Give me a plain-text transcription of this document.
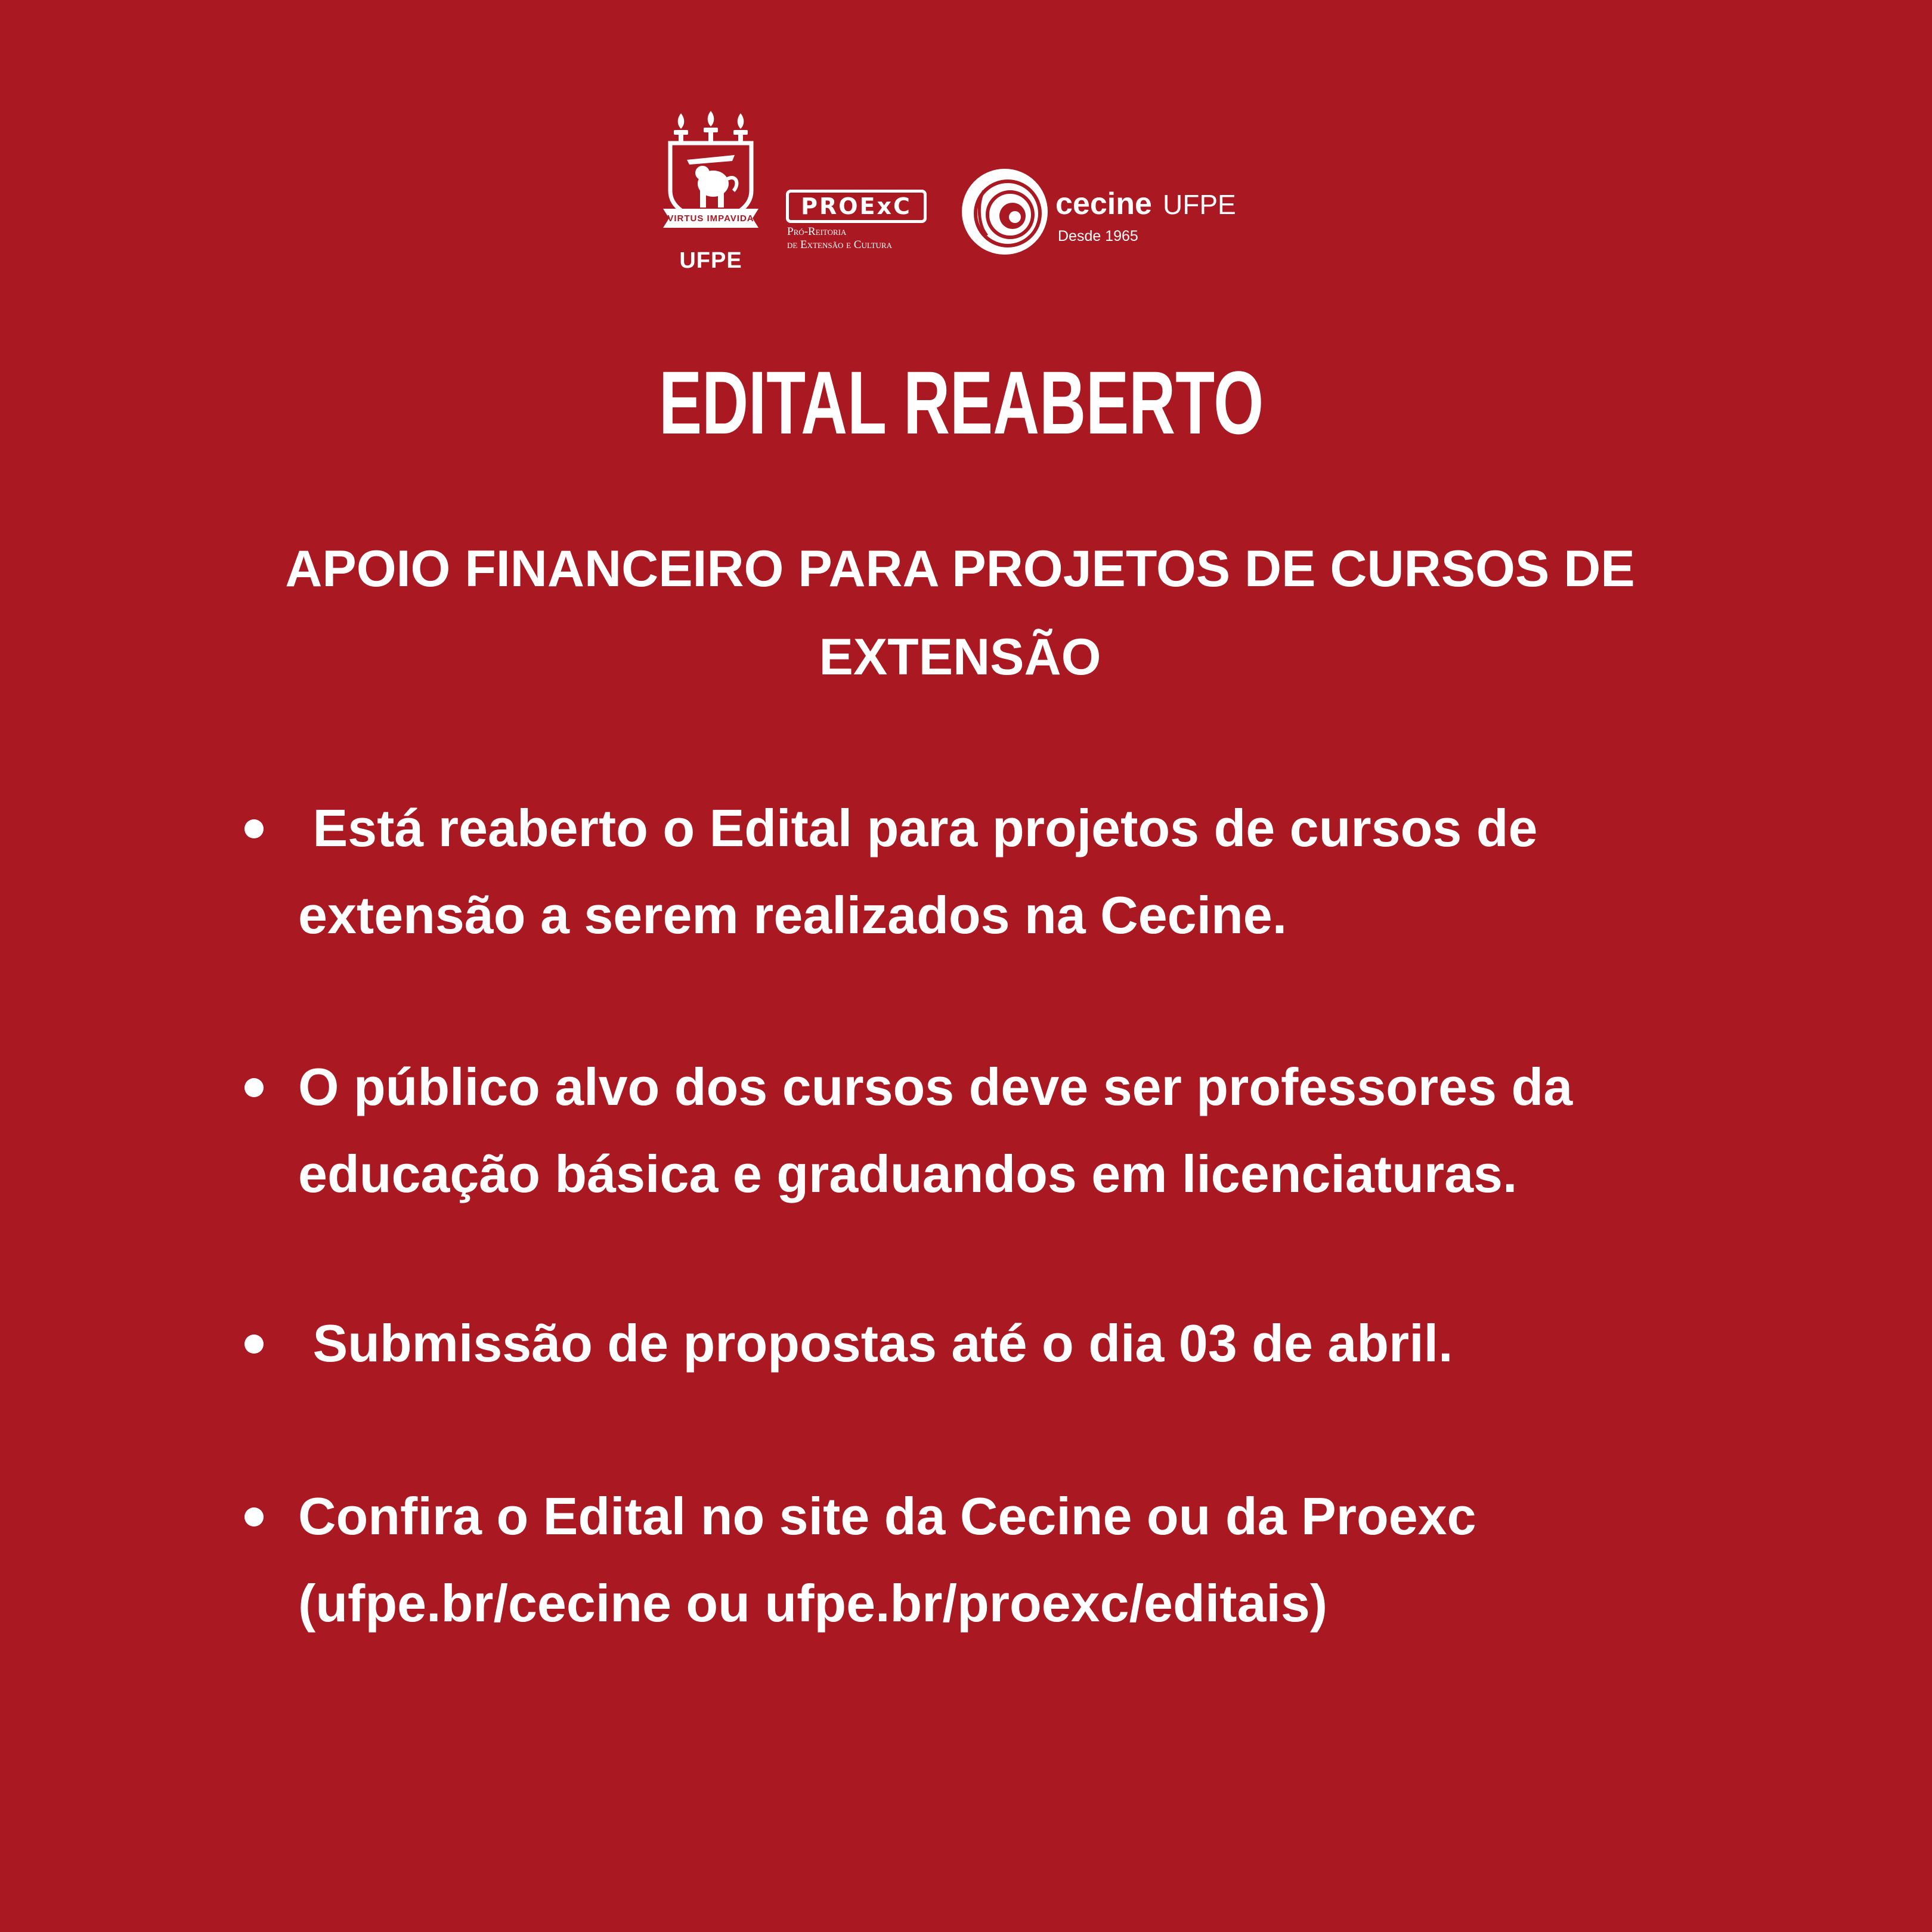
VIRTUS IMPAVIDA
UFPE
PROExC
Pró-Reitoria
de Extensão e Cultura
cecine UFPE
Desde 1965
EDITAL REABERTO
APOIO FINANCEIRO PARA PROJETOS DE CURSOS DE EXTENSÃO
Está reaberto o Edital para projetos de cursos de extensão a serem realizados na Cecine.
O público alvo dos cursos deve ser professores da educação básica e graduandos em licenciaturas.
Submissão de propostas até o dia 03 de abril.
Confira o Edital no site da Cecine ou da Proexc (ufpe.br/cecine ou ufpe.br/proexc/editais)
